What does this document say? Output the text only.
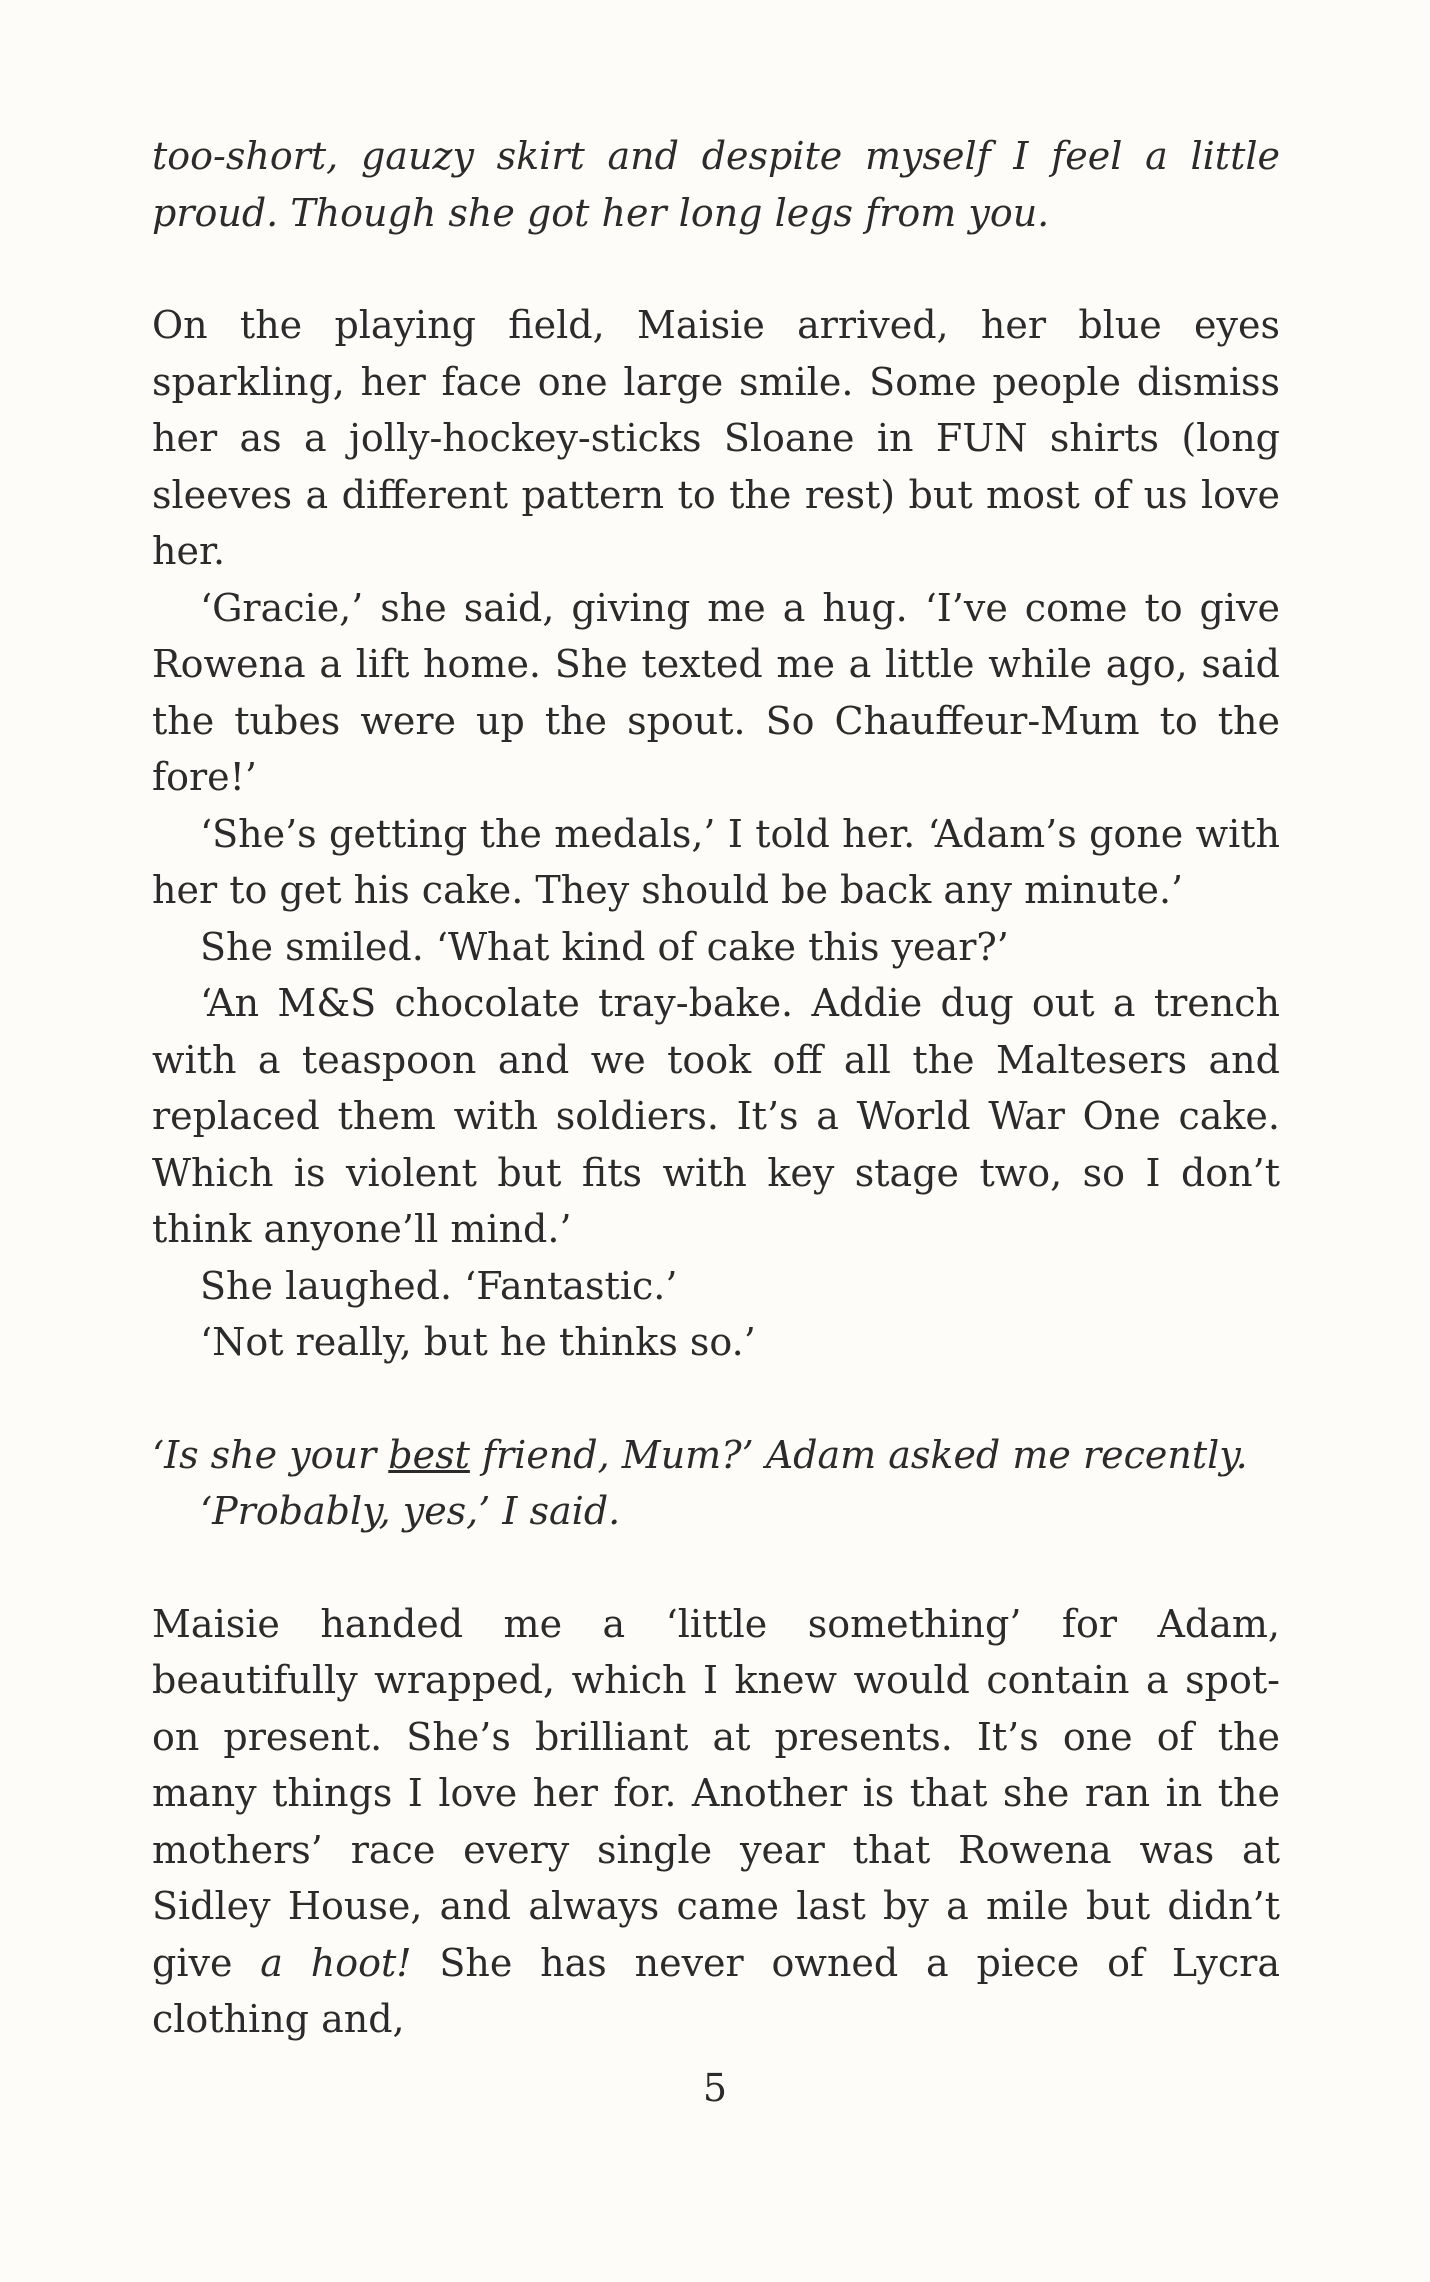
too-short, gauzy skirt and despite myself I feel a little proud. Though she got her long legs from you.

On the playing field, Maisie arrived, her blue eyes sparkling, her face one large smile. Some people dismiss her as a jolly-hockey-sticks Sloane in FUN shirts (long sleeves a different pattern to the rest) but most of us love her.

‘Gracie,’ she said, giving me a hug. ‘I’ve come to give Rowena a lift home. She texted me a little while ago, said the tubes were up the spout. So Chauffeur-Mum to the fore!’

‘She’s getting the medals,’ I told her. ‘Adam’s gone with her to get his cake. They should be back any minute.’

She smiled. ‘What kind of cake this year?’

‘An M&S chocolate tray-bake. Addie dug out a trench with a teaspoon and we took off all the Maltesers and replaced them with soldiers. It’s a World War One cake. Which is violent but fits with key stage two, so I don’t think anyone’ll mind.’

She laughed. ‘Fantastic.’

‘Not really, but he thinks so.’

‘Is she your best friend, Mum?’ Adam asked me recently.

‘Probably, yes,’ I said.

Maisie handed me a ‘little something’ for Adam, beautifully wrapped, which I knew would contain a spot-on present. She’s brilliant at presents. It’s one of the many things I love her for. Another is that she ran in the mothers’ race every single year that Rowena was at Sidley House, and always came last by a mile but didn’t give a hoot! She has never owned a piece of Lycra clothing and,

5
